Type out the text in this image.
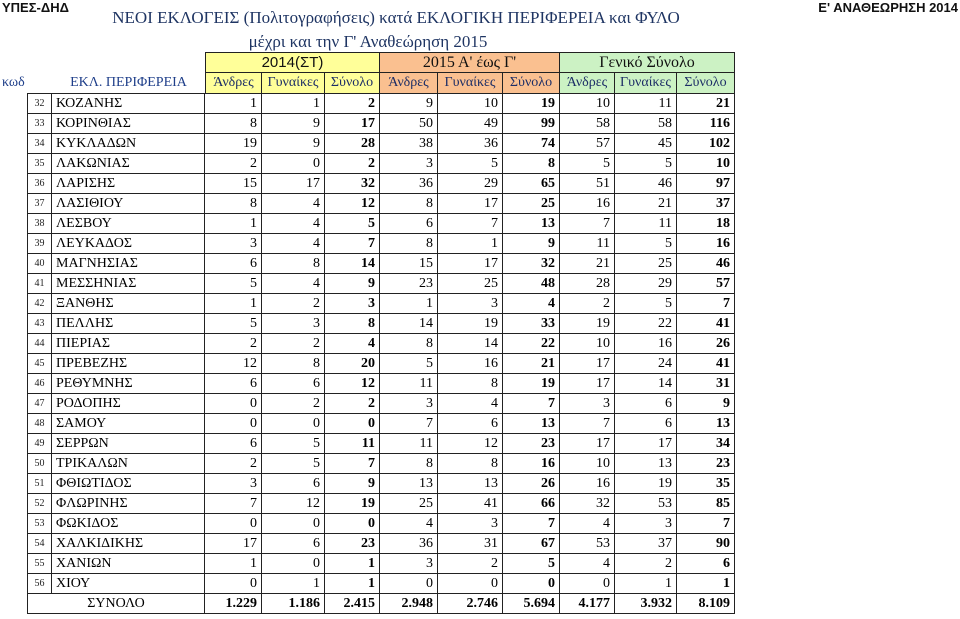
ΥΠΕΣ-ΔΗΔ	Ε' ΑΝΑΘΕΩΡΗΣΗ 2014
ΝΕΟΙ ΕΚΛΟΓΕΙΣ (Πολιτογραφήσεις) κατά ΕΚΛΟΓΙΚΗ ΠΕΡΙΦΕΡΕΙΑ και ΦΥΛΟ
μέχρι και την Γ' Αναθεώρηση 2015
2014(ΣΤ)	2015 Α' έως Γ'	Γενικό Σύνολο
κωδ	ΕΚΛ. ΠΕΡΙΦΕΡΕΙΑ	Άνδρες Γυναίκες Σύνολο	Άνδρες	Γυναίκες	Σύνολο	Άνδρες Γυναίκες Σύνολο
32 ΚΟΖΑΝΗΣ	1	1	2	9	10	19	10	11	21
33 ΚΟΡΙΝΘΙΑΣ	8	9	17	50	49	99	58	58	116
34 ΚΥΚΛΑΔΩΝ	19	9	28	38	36	74	57	45	102
35 ΛΑΚΩΝΙΑΣ	2	0	2	3	5	8	5	5	10
36 ΛΑΡΙΣΗΣ	15	17	32	36	29	65	51	46	97
37 ΛΑΣΙΘΙΟΥ	8	4	12	8	17	25	16	21	37
38 ΛΕΣΒΟΥ	1	4	5	6	7	13	7	11	18
39 ΛΕΥΚΑΔΟΣ	3	4	7	8	1	9	11	5	16
40 ΜΑΓΝΗΣΙΑΣ	6	8	14	15	17	32	21	25	46
41 ΜΕΣΣΗΝΙΑΣ	5	4	9	23	25	48	28	29	57
42 ΞΑΝΘΗΣ	1	2	3	1	3	4	2	5	7
43 ΠΕΛΛΗΣ	5	3	8	14	19	33	19	22	41
44 ΠΙΕΡΙΑΣ	2	2	4	8	14	22	10	16	26
45 ΠΡΕΒΕΖΗΣ	12	8	20	5	16	21	17	24	41
46 ΡΕΘΥΜΝΗΣ	6	6	12	11	8	19	17	14	31
47 ΡΟΔΟΠΗΣ	0	2	2	3	4	7	3	6	9
48 ΣΑΜΟΥ	0	0	0	7	6	13	7	6	13
49 ΣΕΡΡΩΝ	6	5	11	11	12	23	17	17	34
50 ΤΡΙΚΑΛΩΝ	2	5	7	8	8	16	10	13	23
51 ΦΘΙΩΤΙΔΟΣ	3	6	9	13	13	26	16	19	35
52 ΦΛΩΡΙΝΗΣ	7	12	19	25	41	66	32	53	85
53 ΦΩΚΙΔΟΣ	0	0	0	4	3	7	4	3	7
54 ΧΑΛΚΙΔΙΚΗΣ	17	6	23	36	31	67	53	37	90
55 ΧΑΝΙΩΝ	1	0	1	3	2	5	4	2	6
56 ΧΙΟΥ	0	1	1	0	0	0	0	1	1
ΣΥΝΟΛΟ	1.229	1.186	2.415	2.948	2.746	5.694	4.177	3.932	8.109
